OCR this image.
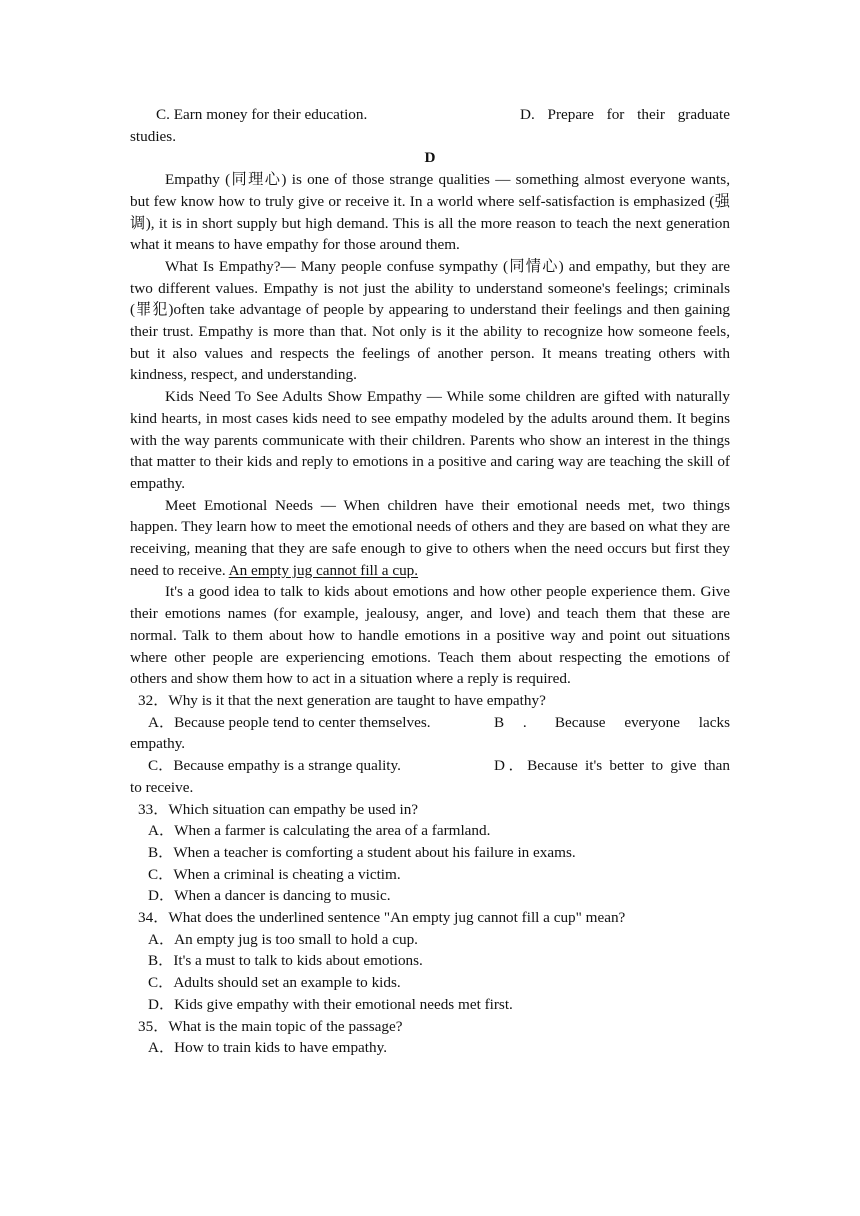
C. Earn money for their education.	D.  Prepare  for  their  graduate
studies.
D

Empathy (同理心) is one of those strange qualities — something almost everyone wants, but few know how to truly give or receive it. In a world where self-satisfaction is emphasized (强调), it is in short supply but high demand. This is all the more reason to teach the next generation what it means to have empathy for those around them.

What Is Empathy?— Many people confuse sympathy (同情心) and empathy, but they are two different values. Empathy is not just the ability to understand someone's feelings; criminals (罪犯)often take advantage of people by appearing to understand their feelings and then gaining their trust. Empathy is more than that. Not only is it the ability to recognize how someone feels, but it also values and respects the feelings of another person. It means treating others with kindness, respect, and understanding.

Kids Need To See Adults Show Empathy — While some children are gifted with naturally kind hearts, in most cases kids need to see empathy modeled by the adults around them. It begins with the way parents communicate with their children. Parents who show an interest in the things that matter to their kids and reply to emotions in a positive and caring way are teaching the skill of empathy.

Meet Emotional Needs — When children have their emotional needs met, two things happen. They learn how to meet the emotional needs of others and they are based on what they are receiving, meaning that they are safe enough to give to others when the need occurs but first they need to receive. An empty jug cannot fill a cup.

It's a good idea to talk to kids about emotions and how other people experience them. Give their emotions names (for example, jealousy, anger, and love) and teach them that these are normal. Talk to them about how to handle emotions in a positive way and point out situations where other people are experiencing emotions. Teach them about respecting the emotions of others and show them how to act in a situation where a reply is required.

32．Why is it that the next generation are taught to have empathy?

A．Because people tend to center themselves.	B  .   Because  everyone  lacks
empathy.
C．Because empathy is a strange quality.	D．Because it's better to give than
to receive.

33．Which situation can empathy be used in?

A．When a farmer is calculating the area of a farmland.

B．When a teacher is comforting a student about his failure in exams.

C．When a criminal is cheating a victim.

D．When a dancer is dancing to music.

34．What does the underlined sentence "An empty jug cannot fill a cup" mean?

A．An empty jug is too small to hold a cup.

B．It's a must to talk to kids about emotions.

C．Adults should set an example to kids.

D．Kids give empathy with their emotional needs met first.

35．What is the main topic of the passage?

A．How to train kids to have empathy.
